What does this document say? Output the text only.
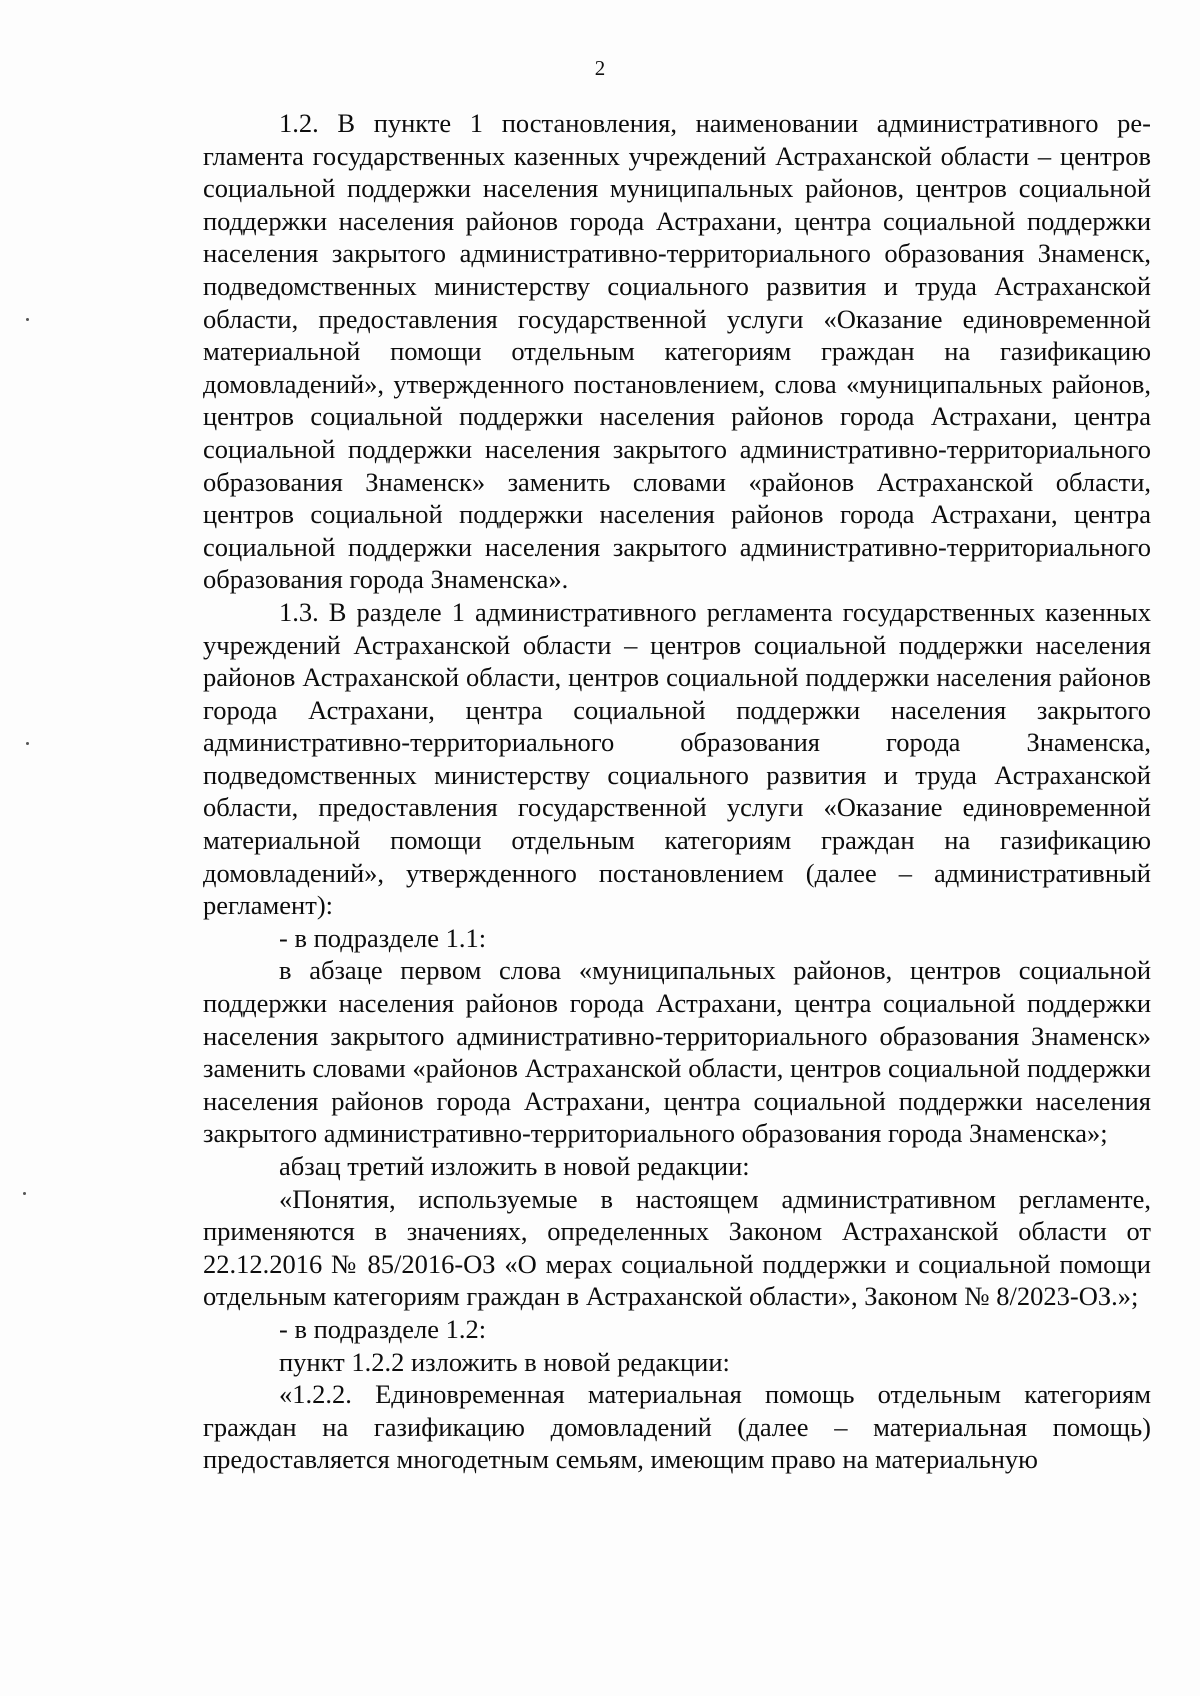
2

1.2. В пункте 1 постановления, наименовании административного регламента государственных казенных учреждений Астраханской области – центров социальной поддержки населения муниципальных районов, центров социальной поддержки населения районов города Астрахани, центра социальной поддержки населения закрытого административно-территориального образования Знаменск, подведомственных министерству социального развития и труда Астраханской области, предоставления государственной услуги «Оказание единовременной материальной помощи отдельным категориям граждан на газификацию домовладений», утвержденного постановлением, слова «муниципальных районов, центров социальной поддержки населения районов города Астрахани, центра социальной поддержки населения закрытого административно-территориального образования Знаменск» заменить словами «районов Астраханской области, центров социальной поддержки населения районов города Астрахани, центра социальной поддержки населения закрытого административно-территориального образования города Знаменска».

1.3. В разделе 1 административного регламента государственных казенных учреждений Астраханской области – центров социальной поддержки населения районов Астраханской области, центров социальной поддержки населения районов города Астрахани, центра социальной поддержки населения закрытого административно-территориального образования города Знаменска, подведомственных министерству социального развития и труда Астраханской области, предоставления государственной услуги «Оказание единовременной материальной помощи отдельным категориям граждан на газификацию домовладений», утвержденного постановлением (далее – административный регламент):

- в подразделе 1.1:

в абзаце первом слова «муниципальных районов, центров социальной поддержки населения районов города Астрахани, центра социальной поддержки населения закрытого административно-территориального образования Знаменск» заменить словами «районов Астраханской области, центров социальной поддержки населения районов города Астрахани, центра социальной поддержки населения закрытого административно-территориального образования города Знаменска»;

абзац третий изложить в новой редакции:

«Понятия, используемые в настоящем административном регламенте, применяются в значениях, определенных Законом Астраханской области от 22.12.2016 № 85/2016-ОЗ «О мерах социальной поддержки и социальной помощи отдельным категориям граждан в Астраханской области», Законом № 8/2023-ОЗ.»;

- в подразделе 1.2:

пункт 1.2.2 изложить в новой редакции:

«1.2.2. Единовременная материальная помощь отдельным категориям граждан на газификацию домовладений (далее – материальная помощь) предоставляется многодетным семьям, имеющим право на материальную
